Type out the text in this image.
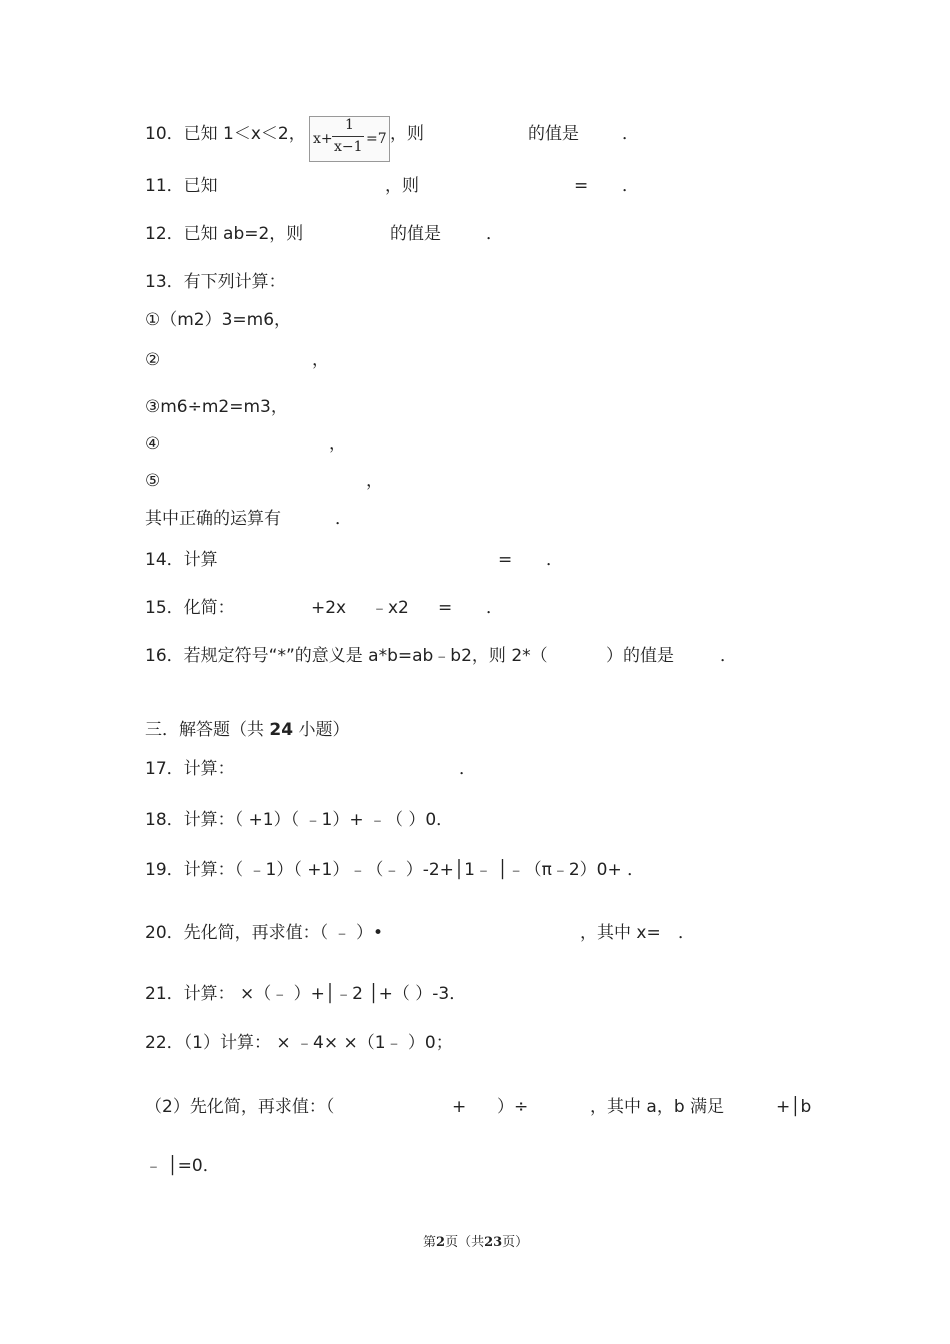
10．已知 1＜x＜2， x+
1
x−1 =7 ，则	的值是	．
11．已知	，则	= ．
12．已知 ab=2，则	的值是	．
13．有下列计算：
①（m2）3=m6，
②	，
③m6÷m2=m3，
④	，
⑤	，
其中正确的运算有	．
14．计算	= ．
15．化简：	+2x ﹣x2 = ．
16．若规定符号“*”的意义是 a*b=ab﹣b2，则 2*（	）的值是	．
三．解答题（共 24 小题）
17．计算：	．
18．计算：（ +1）（ ﹣1）+ ﹣（ ）0．
19．计算：（ ﹣1）（ +1）﹣（﹣ ）-2+│1﹣ │﹣（π﹣2）0+ ．
20．先化简，再求值：（ ﹣ ）•	，其中 x= ．
21．计算： ×（﹣ ）+│﹣2 │+（ ）-3．
22．（1）计算： × ﹣4× ×（1﹣ ）0；
（2）先化简，再求值：（	+ ）÷	，其中 a，b 满足	+│b
﹣ │=0．
第2页（共23页）
